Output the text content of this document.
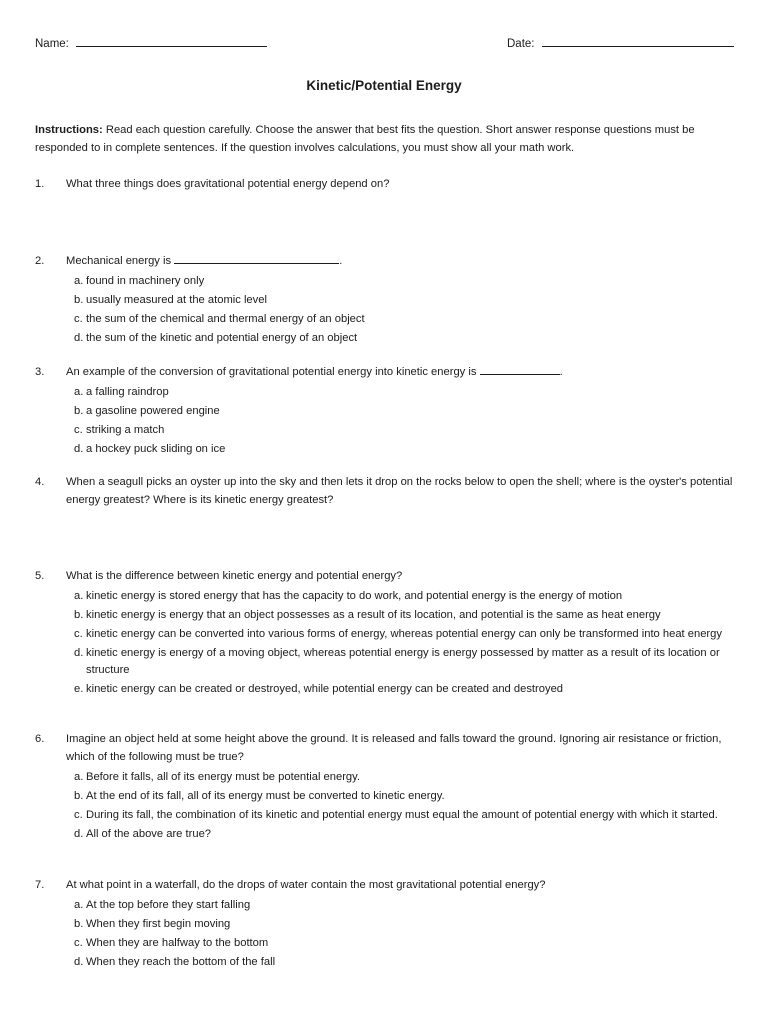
Name:	Date:
Kinetic/Potential Energy
Instructions: Read each question carefully. Choose the answer that best fits the question. Short answer response questions must be responded to in complete sentences. If the question involves calculations, you must show all your math work.
1. What three things does gravitational potential energy depend on?
2. Mechanical energy is	.
a. found in machinery only
b. usually measured at the atomic level
c. the sum of the chemical and thermal energy of an object
d. the sum of the kinetic and potential energy of an object
3. An example of the conversion of gravitational potential energy into kinetic energy is	.
a. a falling raindrop
b. a gasoline powered engine
c. striking a match
d. a hockey puck sliding on ice
4. When a seagull picks an oyster up into the sky and then lets it drop on the rocks below to open the shell; where is the oyster's potential energy greatest? Where is its kinetic energy greatest?
5. What is the difference between kinetic energy and potential energy?
a. kinetic energy is stored energy that has the capacity to do work, and potential energy is the energy of motion
b. kinetic energy is energy that an object possesses as a result of its location, and potential is the same as heat energy
c. kinetic energy can be converted into various forms of energy, whereas potential energy can only be transformed into heat energy
d. kinetic energy is energy of a moving object, whereas potential energy is energy possessed by matter as a result of its location or structure
e. kinetic energy can be created or destroyed, while potential energy can be created and destroyed
6. Imagine an object held at some height above the ground. It is released and falls toward the ground. Ignoring air resistance or friction, which of the following must be true?
a. Before it falls, all of its energy must be potential energy.
b. At the end of its fall, all of its energy must be converted to kinetic energy.
c. During its fall, the combination of its kinetic and potential energy must equal the amount of potential energy with which it started.
d. All of the above are true?
7. At what point in a waterfall, do the drops of water contain the most gravitational potential energy?
a. At the top before they start falling
b. When they first begin moving
c. When they are halfway to the bottom
d. When they reach the bottom of the fall
